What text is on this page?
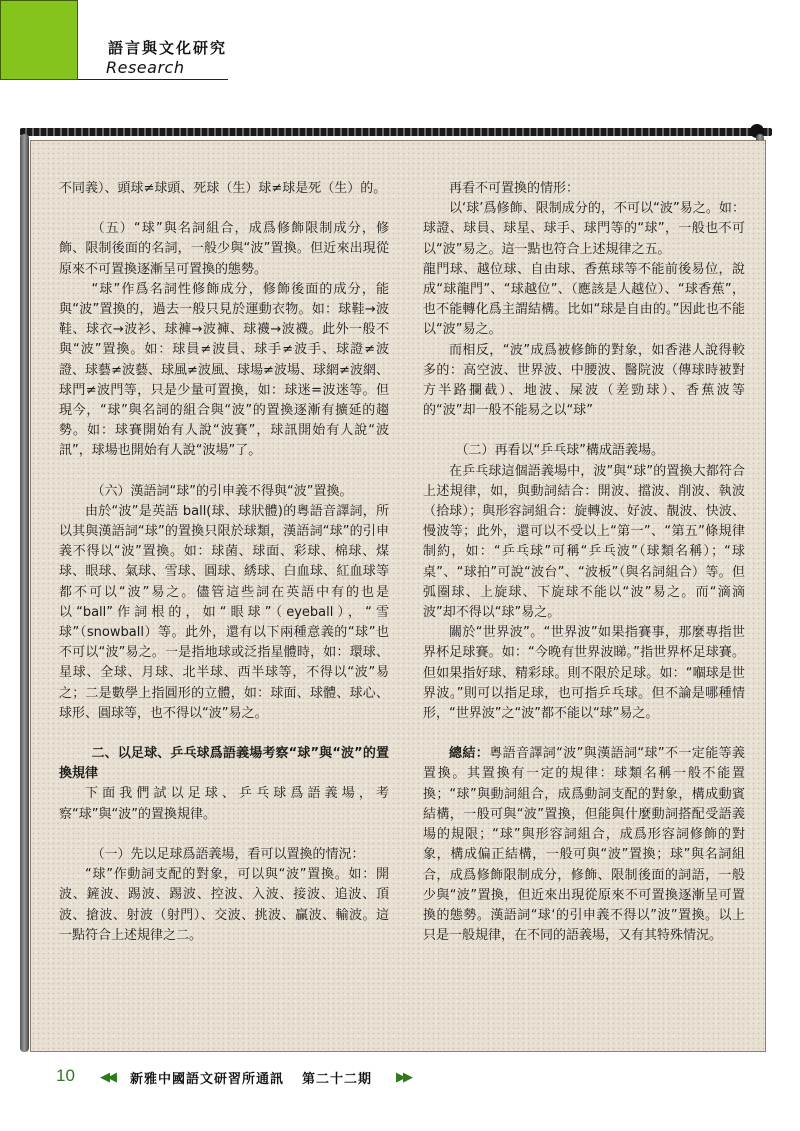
語言與文化研究
Research

不同義）、頭球≠球頭、死球（生）球≠球是死（生）的。

（五）“球”與名詞組合，成爲修飾限制成分，修飾、限制後面的名詞，一般少與“波”置換。但近來出現從原來不可置換逐漸呈可置換的態勢。

“球”作爲名詞性修飾成分，修飾後面的成分，能與“波”置換的，過去一般只見於運動衣物。如：球鞋→波鞋、球衣→波衫、球褲→波褲、球襪→波襪。此外一般不與“波”置換。如：球員≠波員、球手≠波手、球證≠波證、球藝≠波藝、球風≠波風、球場≠波場、球網≠波網、球門≠波門等，只是少量可置換，如：球迷=波迷等。但現今，“球”與名詞的組合與“波”的置換逐漸有擴延的趨勢。如：球賽開始有人說“波賽”，球訊開始有人說“波訊”，球場也開始有人說“波場”了。

（六）漢語詞“球”的引申義不得與“波”置換。

由於“波”是英語 ball(球、球狀體)的粵語音譯詞，所以其與漢語詞“球”的置換只限於球類，漢語詞“球”的引申義不得以“波”置換。如：球菌、球面、彩球、棉球、煤球、眼球、氣球、雪球、圓球、綉球、白血球、紅血球等都不可以“波”易之。儘管這些詞在英語中有的也是以“ball”作詞根的，如“眼球”（eyeball），“雪球”（snowball）等。此外，還有以下兩種意義的“球”也不可以“波”易之。一是指地球或泛指星體時，如：環球、星球、全球、月球、北半球、西半球等，不得以“波”易之；二是數學上指圓形的立體，如：球面、球體、球心、球形、圓球等，也不得以“波”易之。

二、以足球、乒乓球爲語義場考察“球”與“波”的置換規律

下面我們試以足球、乒乓球爲語義場，考察“球”與“波”的置換規律。

（一）先以足球爲語義場，看可以置換的情況：

“球”作動詞支配的對象，可以與“波”置換。如：開波、鏟波、踢波、踢波、控波、入波、接波、追波、頂波、搶波、射波（射門）、交波、挑波、贏波、輸波。這一點符合上述規律之二。

再看不可置換的情形：

以‘球’爲修飾、限制成分的，不可以“波”易之。如：球證、球員、球星、球手、球門等的“球”，一般也不可以“波”易之。這一點也符合上述規律之五。

龍門球、越位球、自由球、香蕉球等不能前後易位，說成“球龍門”、“球越位”、（應該是人越位）、“球香蕉”，也不能轉化爲主謂結構。比如“球是自由的。”因此也不能以“波”易之。

而相反，“波”成爲被修飾的對象，如香港人說得較多的：高空波、世界波、中腰波、醫院波（傳球時被對方半路攔截）、地波、屎波（差勁球）、香蕉波等的“波”却一般不能易之以“球”

（二）再看以“乒乓球”構成語義場。

在乒乓球這個語義場中，波”與“球”的置換大都符合上述規律，如，與動詞結合：開波、擋波、削波、執波（拾球）；與形容詞組合：旋轉波、好波、靚波、快波、慢波等；此外，還可以不受以上“第一”、“第五”條規律制約，如：“乒乓球”可稱“乒乓波”（球類名稱）；“球桌”、“球拍”可說“波台”、“波板”（與名詞組合）等。但弧圈球、上旋球、下旋球不能以“波”易之。而“滴滴波”却不得以“球”易之。

關於“世界波”。“世界波”如果指賽事，那麼專指世界杯足球賽。如：“今晚有世界波睇。”指世界杯足球賽。但如果指好球、精彩球。則不限於足球。如：“嗰球是世界波。”則可以指足球，也可指乒乓球。但不論是哪種情形，“世界波”之“波”都不能以“球”易之。

總結：粵語音譯詞“波”與漢語詞“球”不一定能等義置換。其置換有一定的規律：球類名稱一般不能置換；“球”與動詞組合，成爲動詞支配的對象，構成動賓結構，一般可與“波”置換，但能與什麼動詞搭配受語義場的規限；“球”與形容詞組合，成爲形容詞修飾的對象，構成偏正結構，一般可與“波”置換；球”與名詞組合，成爲修飾限制成分，修飾、限制後面的詞語，一般少與“波”置換，但近來出現從原來不可置換逐漸呈可置換的態勢。漢語詞“球‘的引申義不得以”波”置換。以上只是一般規律，在不同的語義場，又有其特殊情況。

10 ◀◀ 新雅中國語文研習所通訊 第二十二期 ▶▶
